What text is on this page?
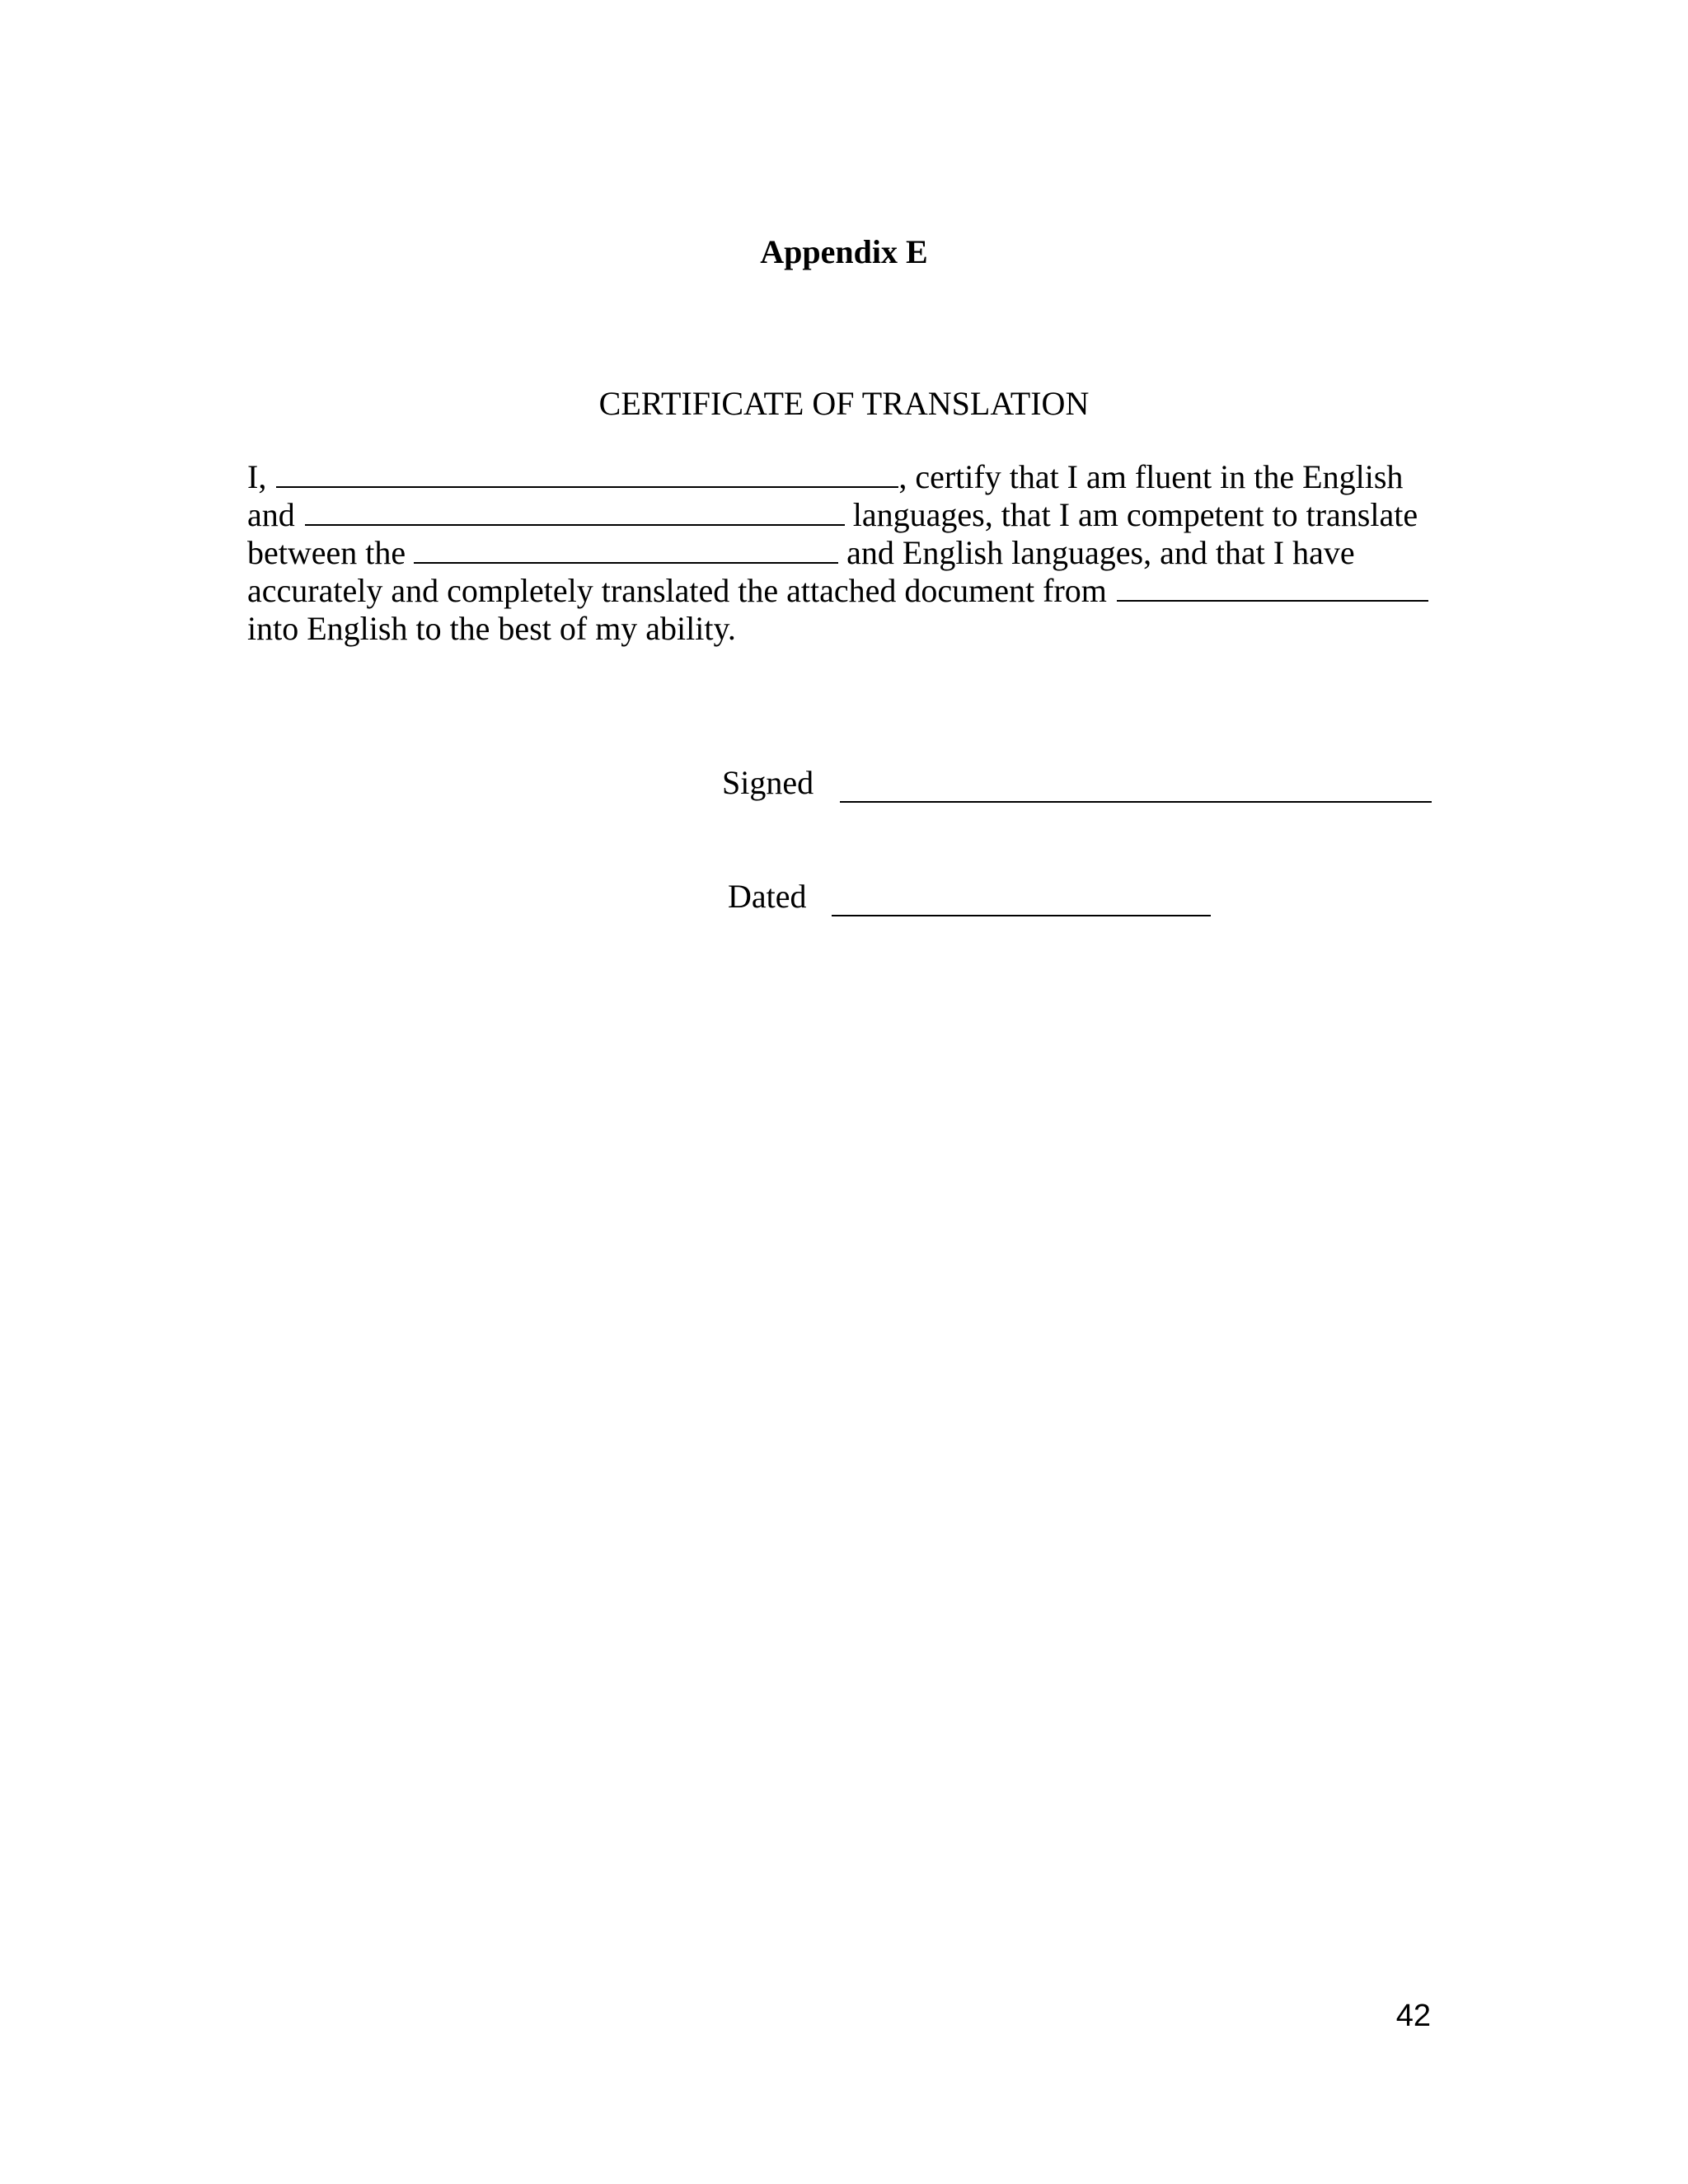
Appendix E
CERTIFICATE OF TRANSLATION
I,	, certify that I am fluent in the English
and	languages, that I am competent to translate
between the	and English languages, and that I have
accurately and completely translated the attached document from
into English to the best of my ability.
Signed
Dated
42
